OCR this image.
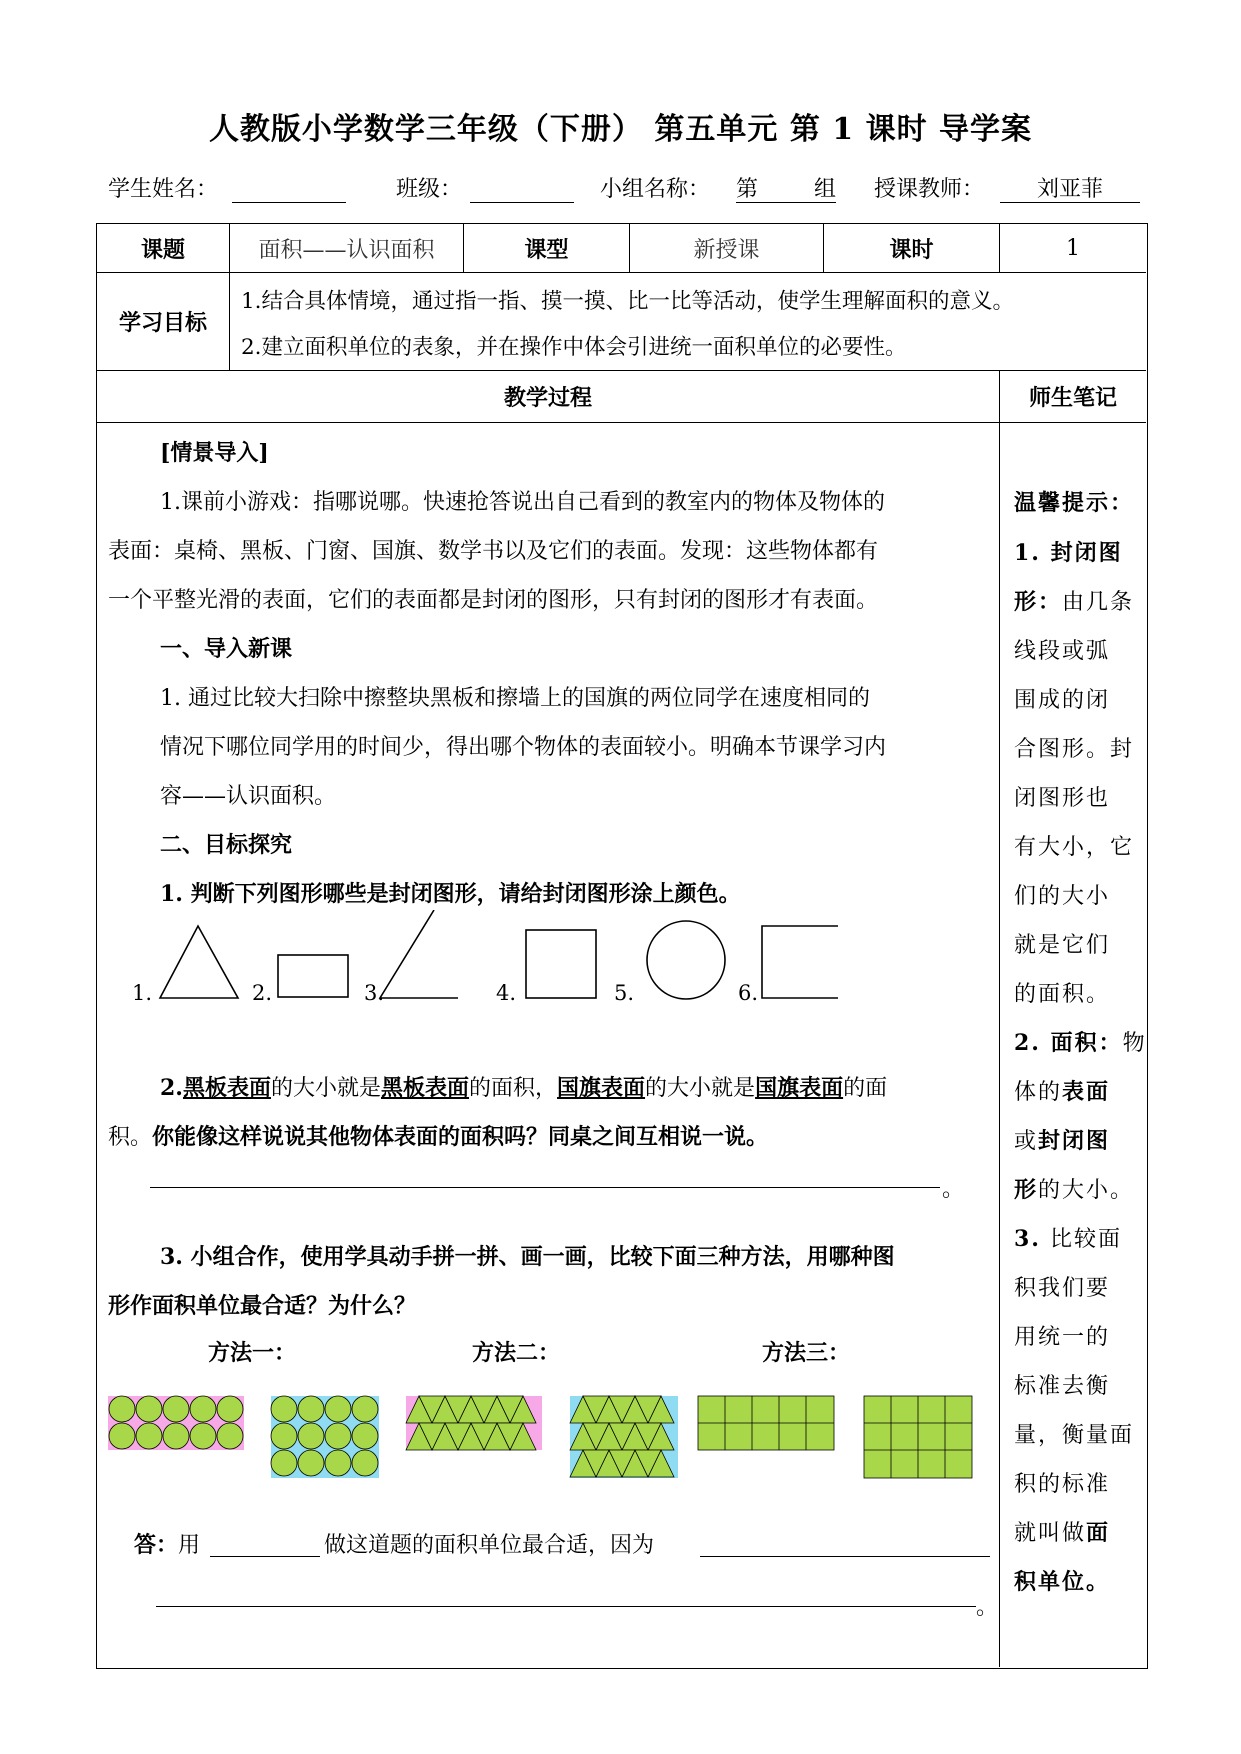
人教版小学数学三年级（下册） 第五单元 第 1 课时 导学案
学生姓名：	班级：	小组名称： 第	组 授课教师：	刘亚菲
课题	面积——认识面积	课型	新授课	课时	1
学习目标
1.结合具体情境，通过指一指、摸一摸、比一比等活动，使学生理解面积的意义。
2.建立面积单位的表象，并在操作中体会引进统一面积单位的必要性。
教学过程	师生笔记
[情景导入]
1.课前小游戏：指哪说哪。快速抢答说出自己看到的教室内的物体及物体的
表面：桌椅、黑板、门窗、国旗、数学书以及它们的表面。发现：这些物体都有
一个平整光滑的表面，它们的表面都是封闭的图形，只有封闭的图形才有表面。
一、导入新课
1. 通过比较大扫除中擦整块黑板和擦墙上的国旗的两位同学在速度相同的
情况下哪位同学用的时间少，得出哪个物体的表面较小。明确本节课学习内
容——认识面积。
二、目标探究
1. 判断下列图形哪些是封闭图形，请给封闭图形涂上颜色。
1.	2.	3.	4.	5.	6.
2.黑板表面的大小就是黑板表面的面积，国旗表面的大小就是国旗表面的面
积。你能像这样说说其他物体表面的面积吗？同桌之间互相说一说。
。
3. 小组合作，使用学具动手拼一拼、画一画，比较下面三种方法，用哪种图
形作面积单位最合适？为什么？
方法一：	方法二：	方法三：
答：用	做这道题的面积单位最合适，因为
。
温馨提示：
1. 封闭图
形：由几条
线段或弧
围成的闭
合图形。封
闭图形也
有大小，它
们的大小
就是它们
的面积。
2. 面积：物
体的表面
或封闭图
形的大小。
3. 比较面
积我们要
用统一的
标准去衡
量，衡量面
积的标准
就叫做面
积单位。
